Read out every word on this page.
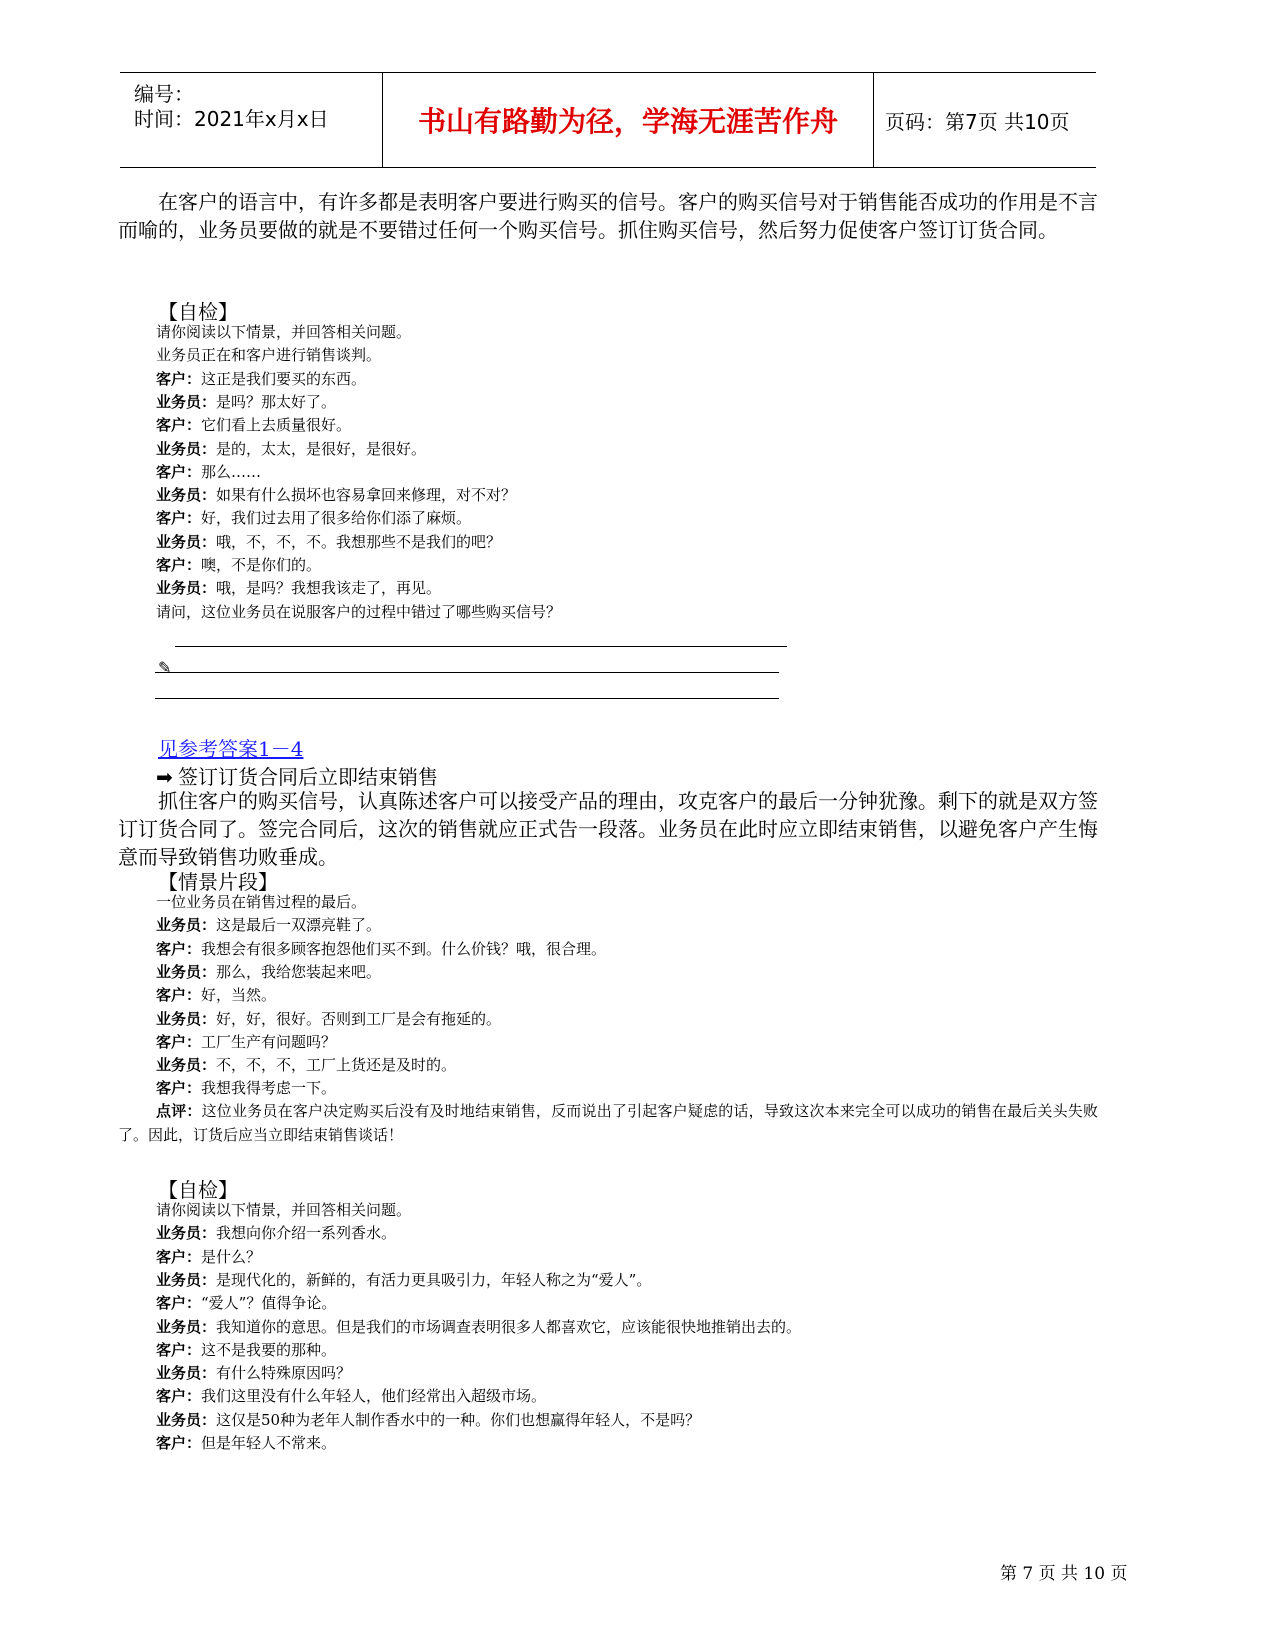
编号：
时间：2021年x月x日	书山有路勤为径，学海无涯苦作舟 页码：第7页 共10页
在客户的语言中，有许多都是表明客户要进行购买的信号。客户的购买信号对于销售能否成功的作用是不言而喻的，业务员要做的就是不要错过任何一个购买信号。抓住购买信号，然后努力促使客户签订订货合同。
【自检】
请你阅读以下情景，并回答相关问题。
业务员正在和客户进行销售谈判。
客户：这正是我们要买的东西。
业务员：是吗？那太好了。
客户：它们看上去质量很好。
业务员：是的，太太，是很好，是很好。
客户：那么……
业务员：如果有什么损坏也容易拿回来修理，对不对？
客户：好，我们过去用了很多给你们添了麻烦。
业务员：哦，不，不，不。我想那些不是我们的吧？
客户：噢，不是你们的。
业务员：哦，是吗？我想我该走了，再见。
请问，这位业务员在说服客户的过程中错过了哪些购买信号？
✎
见参考答案1－4
➡ 签订订货合同后立即结束销售
抓住客户的购买信号，认真陈述客户可以接受产品的理由，攻克客户的最后一分钟犹豫。剩下的就是双方签订订货合同了。签完合同后，这次的销售就应正式告一段落。业务员在此时应立即结束销售，以避免客户产生悔意而导致销售功败垂成。
【情景片段】
一位业务员在销售过程的最后。
业务员：这是最后一双漂亮鞋了。
客户：我想会有很多顾客抱怨他们买不到。什么价钱？哦，很合理。
业务员：那么，我给您装起来吧。
客户：好，当然。
业务员：好，好，很好。否则到工厂是会有拖延的。
客户：工厂生产有问题吗？
业务员：不，不，不，工厂上货还是及时的。
客户：我想我得考虑一下。
点评：这位业务员在客户决定购买后没有及时地结束销售，反而说出了引起客户疑虑的话，导致这次本来完全可以成功的销售在最后关头失败了。因此，订货后应当立即结束销售谈话！
【自检】
请你阅读以下情景，并回答相关问题。
业务员：我想向你介绍一系列香水。
客户：是什么？
业务员：是现代化的，新鲜的，有活力更具吸引力，年轻人称之为“爱人”。
客户：“爱人”？值得争论。
业务员：我知道你的意思。但是我们的市场调查表明很多人都喜欢它，应该能很快地推销出去的。
客户：这不是我要的那种。
业务员：有什么特殊原因吗？
客户：我们这里没有什么年轻人，他们经常出入超级市场。
业务员：这仅是50种为老年人制作香水中的一种。你们也想赢得年轻人，不是吗？
客户：但是年轻人不常来。
第 7 页 共 10 页
